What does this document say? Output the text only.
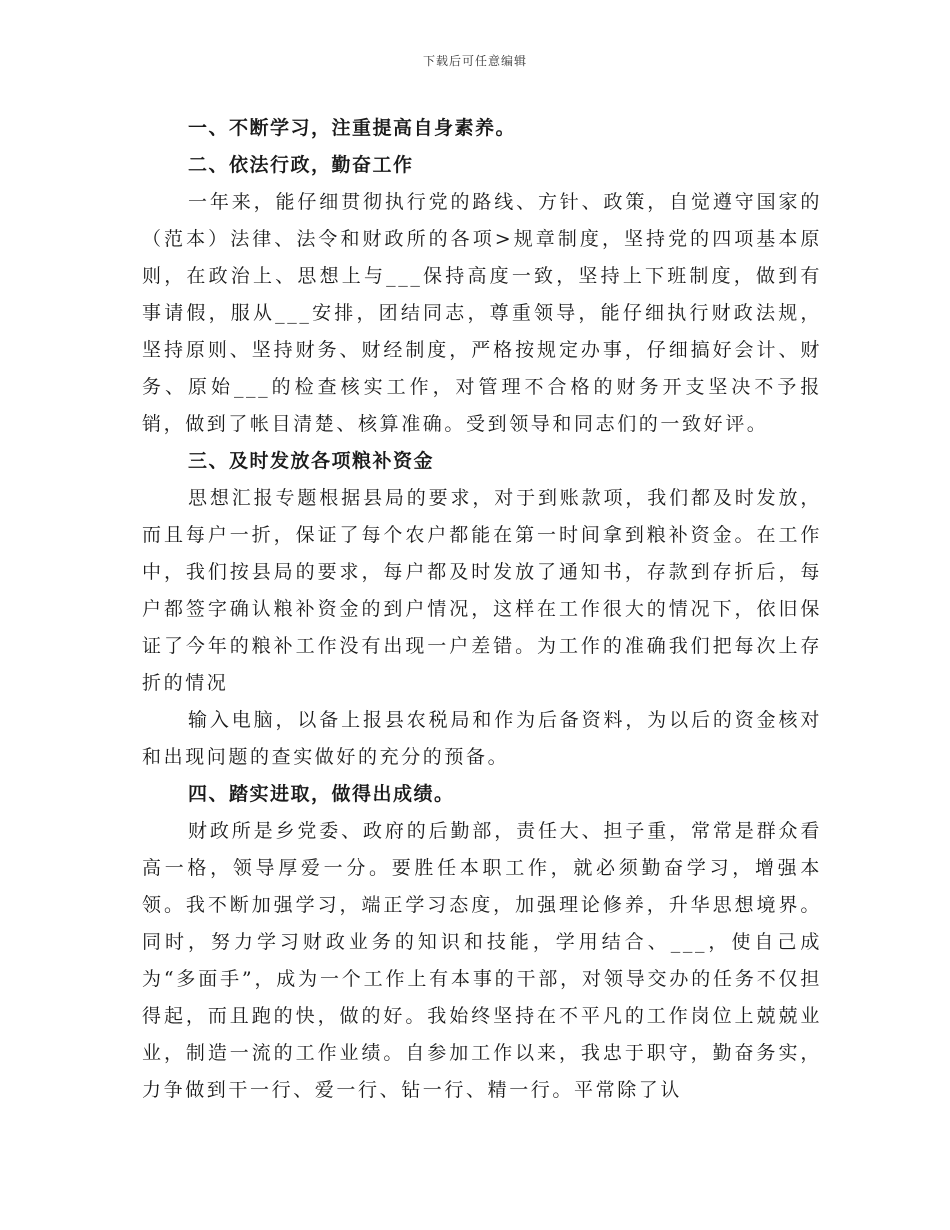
下载后可任意编辑
一、不断学习，注重提高自身素养。
二、依法行政，勤奋工作

一年来，能仔细贯彻执行党的路线、方针、政策，自觉遵守国家的（范本）法律、法令和财政所的各项>规章制度，坚持党的四项基本原则，在政治上、思想上与___保持高度一致，坚持上下班制度，做到有事请假，服从___安排，团结同志，尊重领导，能仔细执行财政法规，坚持原则、坚持财务、财经制度，严格按规定办事，仔细搞好会计、财务、原始___的检查核实工作，对管理不合格的财务开支坚决不予报销，做到了帐目清楚、核算准确。受到领导和同志们的一致好评。

三、及时发放各项粮补资金

思想汇报专题根据县局的要求，对于到账款项，我们都及时发放，而且每户一折，保证了每个农户都能在第一时间拿到粮补资金。在工作中，我们按县局的要求，每户都及时发放了通知书，存款到存折后，每户都签字确认粮补资金的到户情况，这样在工作很大的情况下，依旧保证了今年的粮补工作没有出现一户差错。为工作的准确我们把每次上存折的情况

输入电脑，以备上报县农税局和作为后备资料，为以后的资金核对和出现问题的查实做好的充分的预备。

四、踏实进取，做得出成绩。

财政所是乡党委、政府的后勤部，责任大、担子重，常常是群众看高一格，领导厚爱一分。要胜任本职工作，就必须勤奋学习，增强本领。我不断加强学习，端正学习态度，加强理论修养，升华思想境界。同时，努力学习财政业务的知识和技能，学用结合、___，使自己成为“多面手”，成为一个工作上有本事的干部，对领导交办的任务不仅担得起，而且跑的快，做的好。我始终坚持在不平凡的工作岗位上兢兢业业，制造一流的工作业绩。自参加工作以来，我忠于职守，勤奋务实，力争做到干一行、爱一行、钻一行、精一行。平常除了认
